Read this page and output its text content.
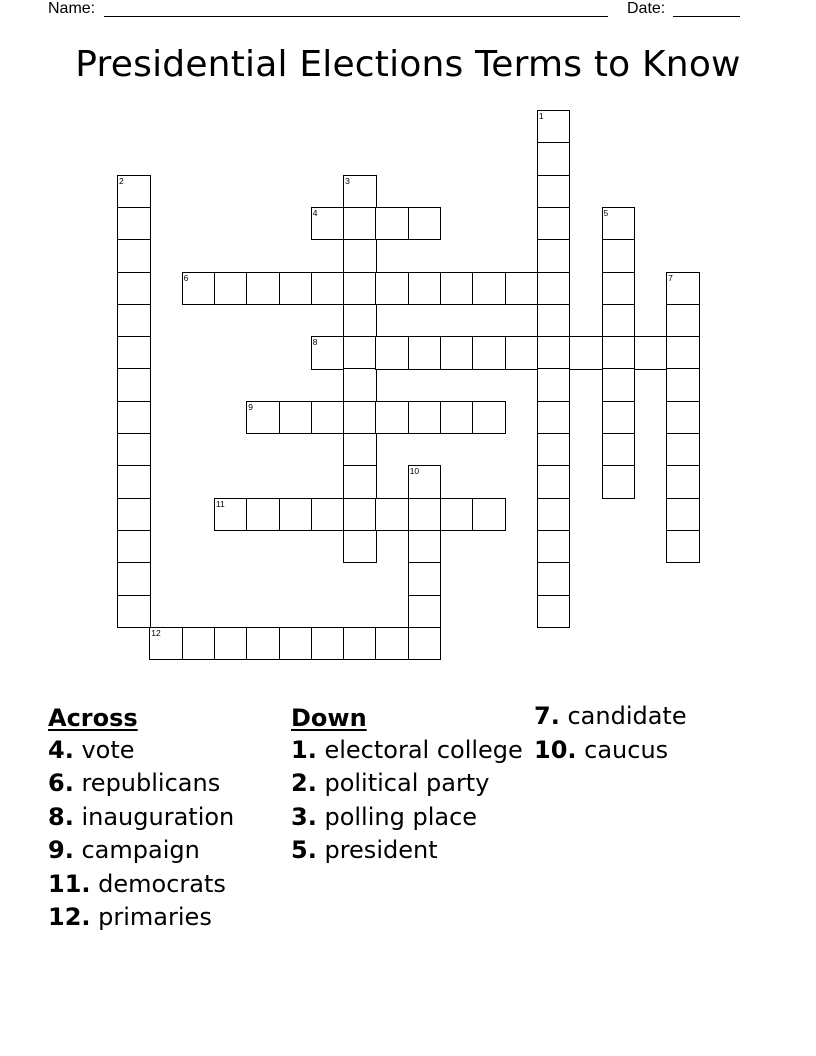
Name:	Date:
Presidential Elections Terms to Know
1
2	3
4	5
6	7
8
9
10
11
12
Across
4. vote
6. republicans
8. inauguration
9. campaign
11. democrats
12. primaries
Down
1. electoral college
2. political party
3. polling place
5. president
7. candidate
10. caucus
